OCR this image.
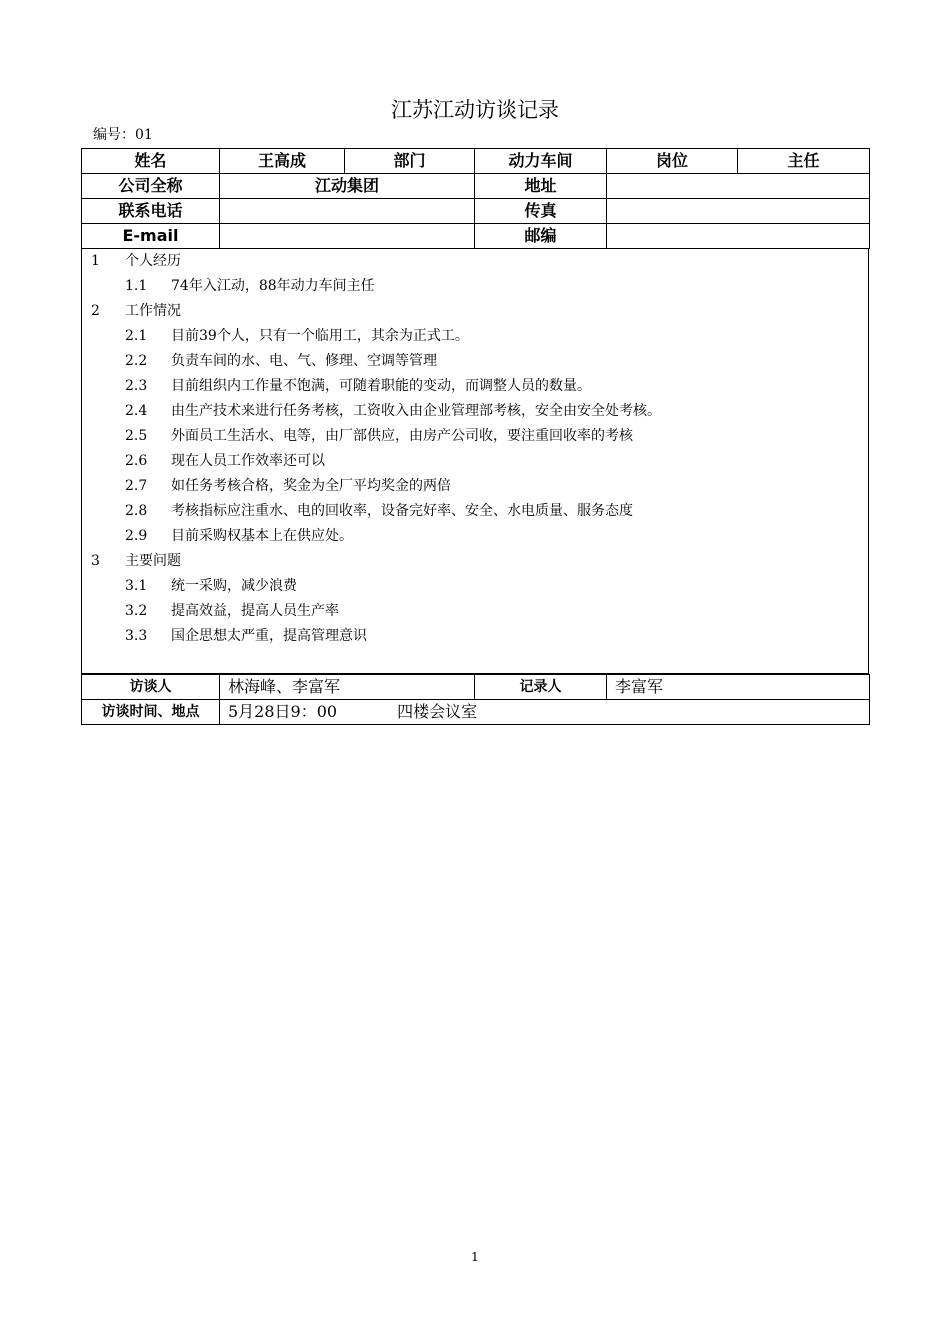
江苏江动访谈记录
编号：01
姓名	王高成	部门	动力车间	岗位	主任
公司全称	江动集团		地址		
联系电话			传真		
E-mail			邮编		
1 个人经历
1.1 74年入江动，88年动力车间主任
2 工作情况
2.1 目前39个人，只有一个临用工，其余为正式工。
2.2 负责车间的水、电、气、修理、空调等管理
2.3 目前组织内工作量不饱满，可随着职能的变动，而调整人员的数量。
2.4 由生产技术来进行任务考核，工资收入由企业管理部考核，安全由安全处考核。
2.5 外面员工生活水、电等，由厂部供应，由房产公司收，要注重回收率的考核
2.6 现在人员工作效率还可以
2.7 如任务考核合格，奖金为全厂平均奖金的两倍
2.8 考核指标应注重水、电的回收率，设备完好率、安全、水电质量、服务态度
2.9 目前采购权基本上在供应处。
3 主要问题
3.1 统一采购，减少浪费
3.2 提高效益，提高人员生产率
3.3 国企思想太严重，提高管理意识
访谈人	林海峰、李富军	记录人	李富军
访谈时间、地点	5月28日9：00 四楼会议室		
1
